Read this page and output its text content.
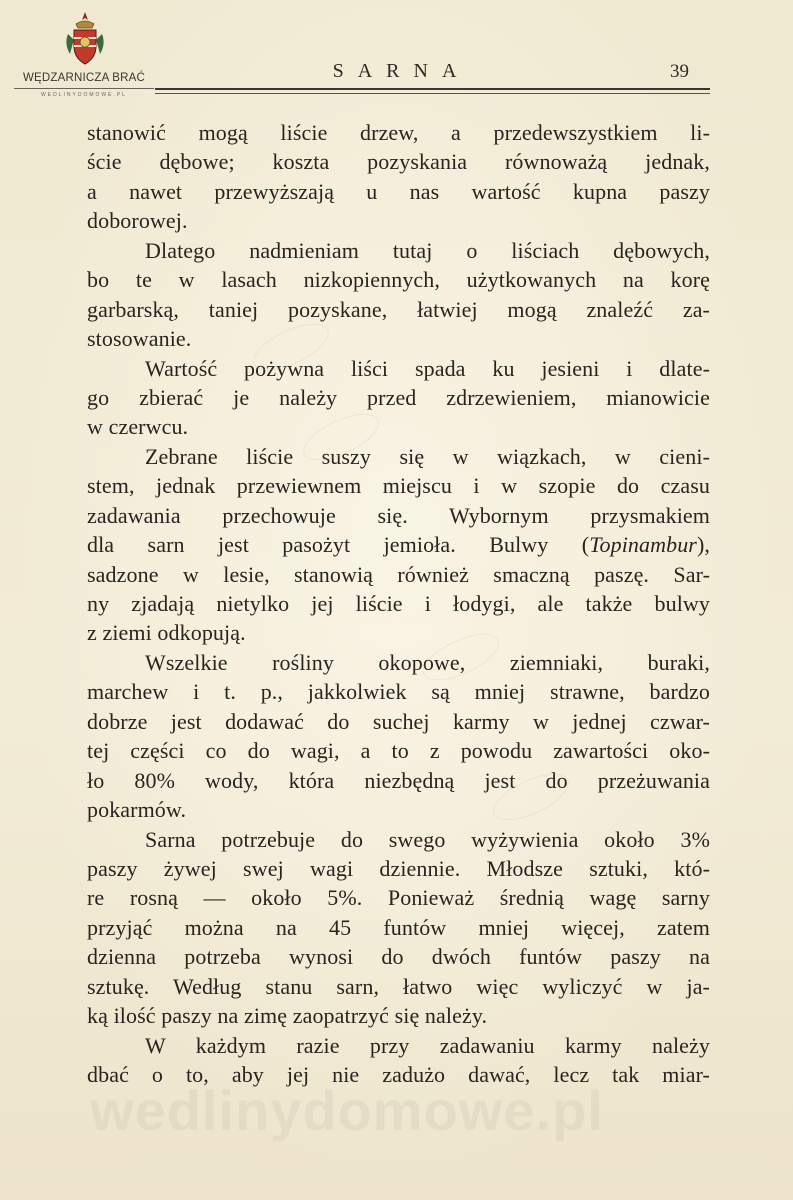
WĘDZARNICZA BRAĆ
WEDLINYDOMOWE.PL
SARNA	39
stanowić mogą liście drzew, a przedewszystkiem li-
ście dębowe; koszta pozyskania równoważą jednak,
a nawet przewyższają u nas wartość kupna paszy
doborowej.
Dlatego nadmieniam tutaj o liściach dębowych,
bo te w lasach nizkopiennych, użytkowanych na korę
garbarską, taniej pozyskane, łatwiej mogą znaleźć za-
stosowanie.
Wartość pożywna liści spada ku jesieni i dlate-
go zbierać je należy przed zdrzewieniem, mianowicie
w czerwcu.
Zebrane liście suszy się w wiązkach, w cieni-
stem, jednak przewiewnem miejscu i w szopie do czasu
zadawania przechowuje się. Wybornym przysmakiem
dla sarn jest pasożyt jemioła. Bulwy (Topinambur),
sadzone w lesie, stanowią również smaczną paszę. Sar-
ny zjadają nietylko jej liście i łodygi, ale także bulwy
z ziemi odkopują.
Wszelkie rośliny okopowe, ziemniaki, buraki,
marchew i t. p., jakkolwiek są mniej strawne, bardzo
dobrze jest dodawać do suchej karmy w jednej czwar-
tej części co do wagi, a to z powodu zawartości oko-
ło 80% wody, która niezbędną jest do przeżuwania
pokarmów.
Sarna potrzebuje do swego wyżywienia około 3%
paszy żywej swej wagi dziennie. Młodsze sztuki, któ-
re rosną — około 5%. Ponieważ średnią wagę sarny
przyjąć można na 45 funtów mniej więcej, zatem
dzienna potrzeba wynosi do dwóch funtów paszy na
sztukę. Według stanu sarn, łatwo więc wyliczyć w ja-
ką ilość paszy na zimę zaopatrzyć się należy.
W każdym razie przy zadawaniu karmy należy
dbać o to, aby jej nie zadużo dawać, lecz tak miar-
wedlinydomowe.pl
